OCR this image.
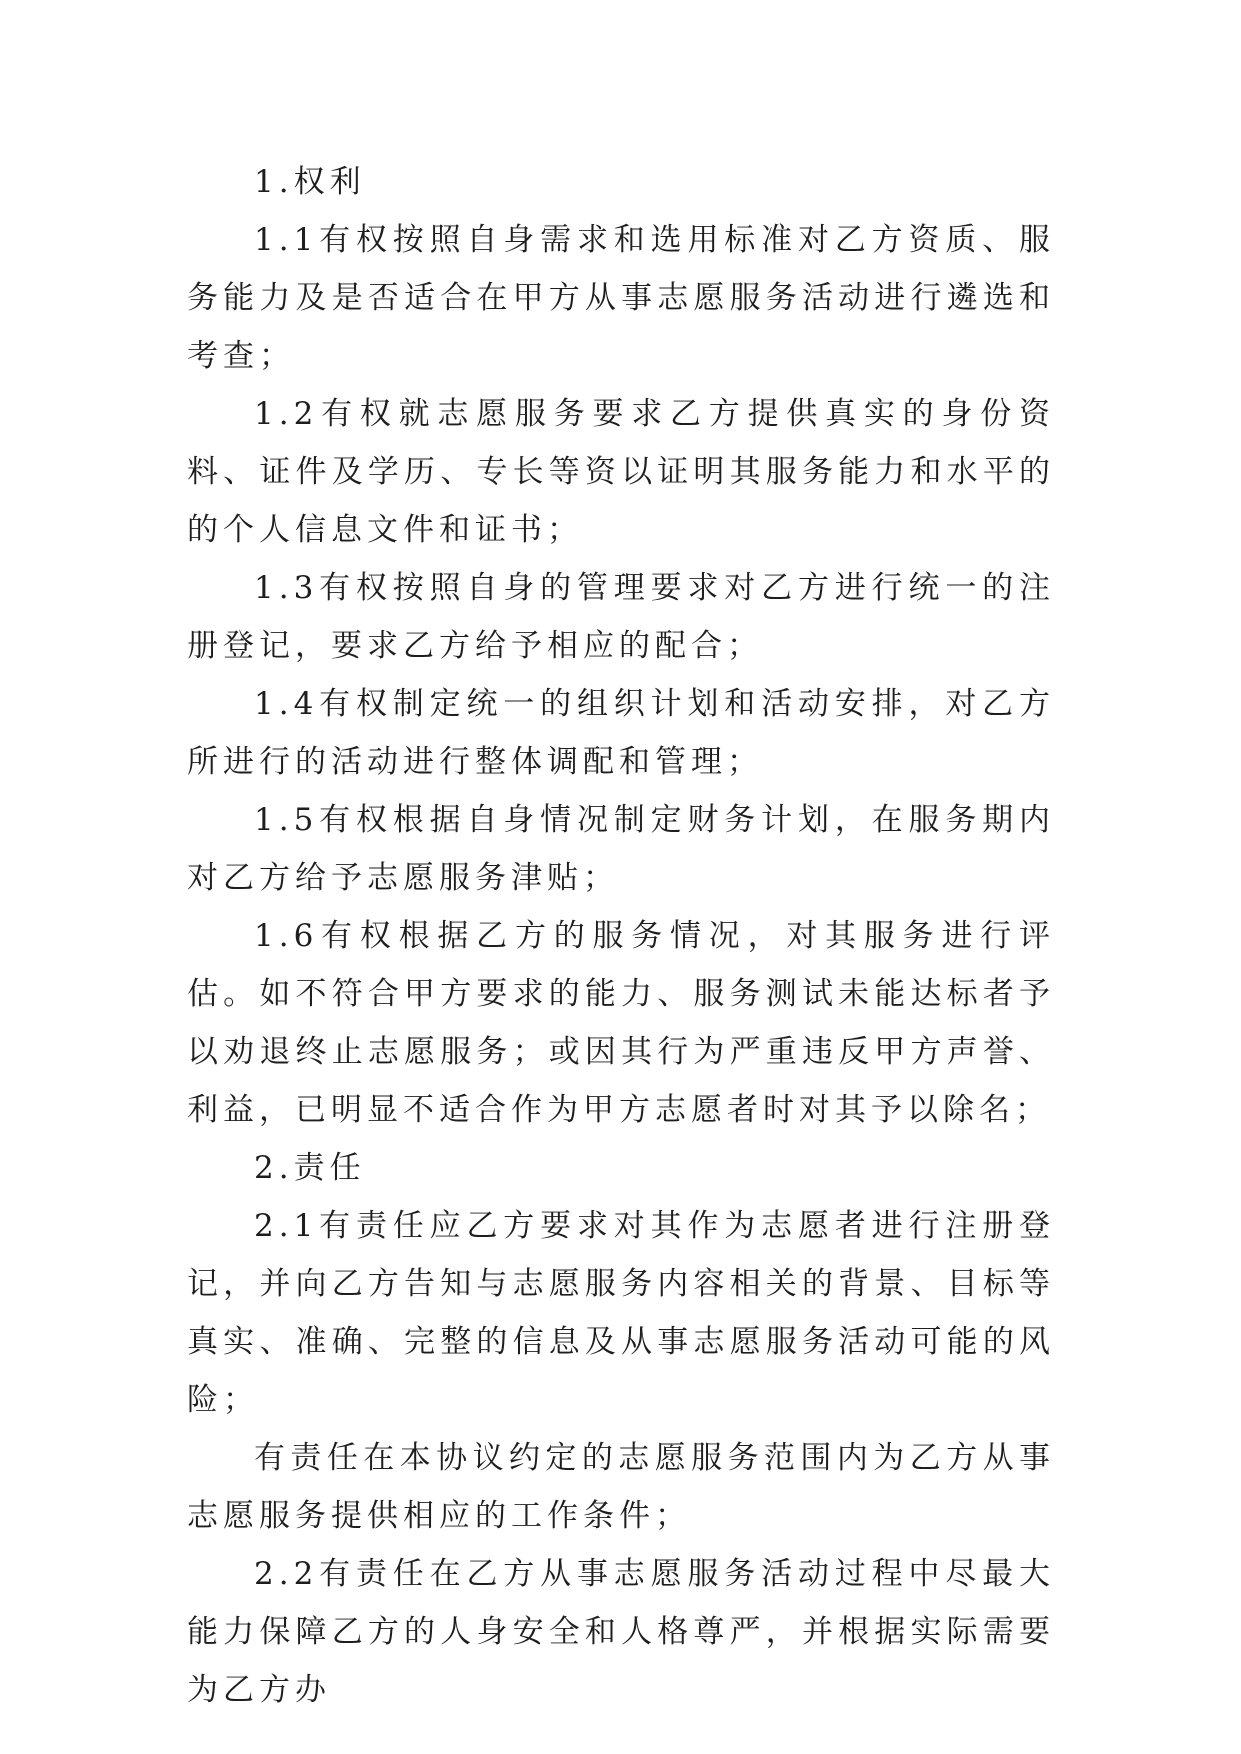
1.权利

1.1有权按照自身需求和选用标准对乙方资质、服务能力及是否适合在甲方从事志愿服务活动进行遴选和考查；

1.2有权就志愿服务要求乙方提供真实的身份资料、证件及学历、专长等资以证明其服务能力和水平的的个人信息文件和证书；

1.3有权按照自身的管理要求对乙方进行统一的注册登记，要求乙方给予相应的配合；

1.4有权制定统一的组织计划和活动安排，对乙方所进行的活动进行整体调配和管理；

1.5有权根据自身情况制定财务计划，在服务期内对乙方给予志愿服务津贴；

1.6有权根据乙方的服务情况，对其服务进行评估。如不符合甲方要求的能力、服务测试未能达标者予以劝退终止志愿服务；或因其行为严重违反甲方声誉、利益，已明显不适合作为甲方志愿者时对其予以除名；

2.责任

2.1有责任应乙方要求对其作为志愿者进行注册登记，并向乙方告知与志愿服务内容相关的背景、目标等真实、准确、完整的信息及从事志愿服务活动可能的风险；

有责任在本协议约定的志愿服务范围内为乙方从事志愿服务提供相应的工作条件；

2.2有责任在乙方从事志愿服务活动过程中尽最大能力保障乙方的人身安全和人格尊严，并根据实际需要为乙方办
